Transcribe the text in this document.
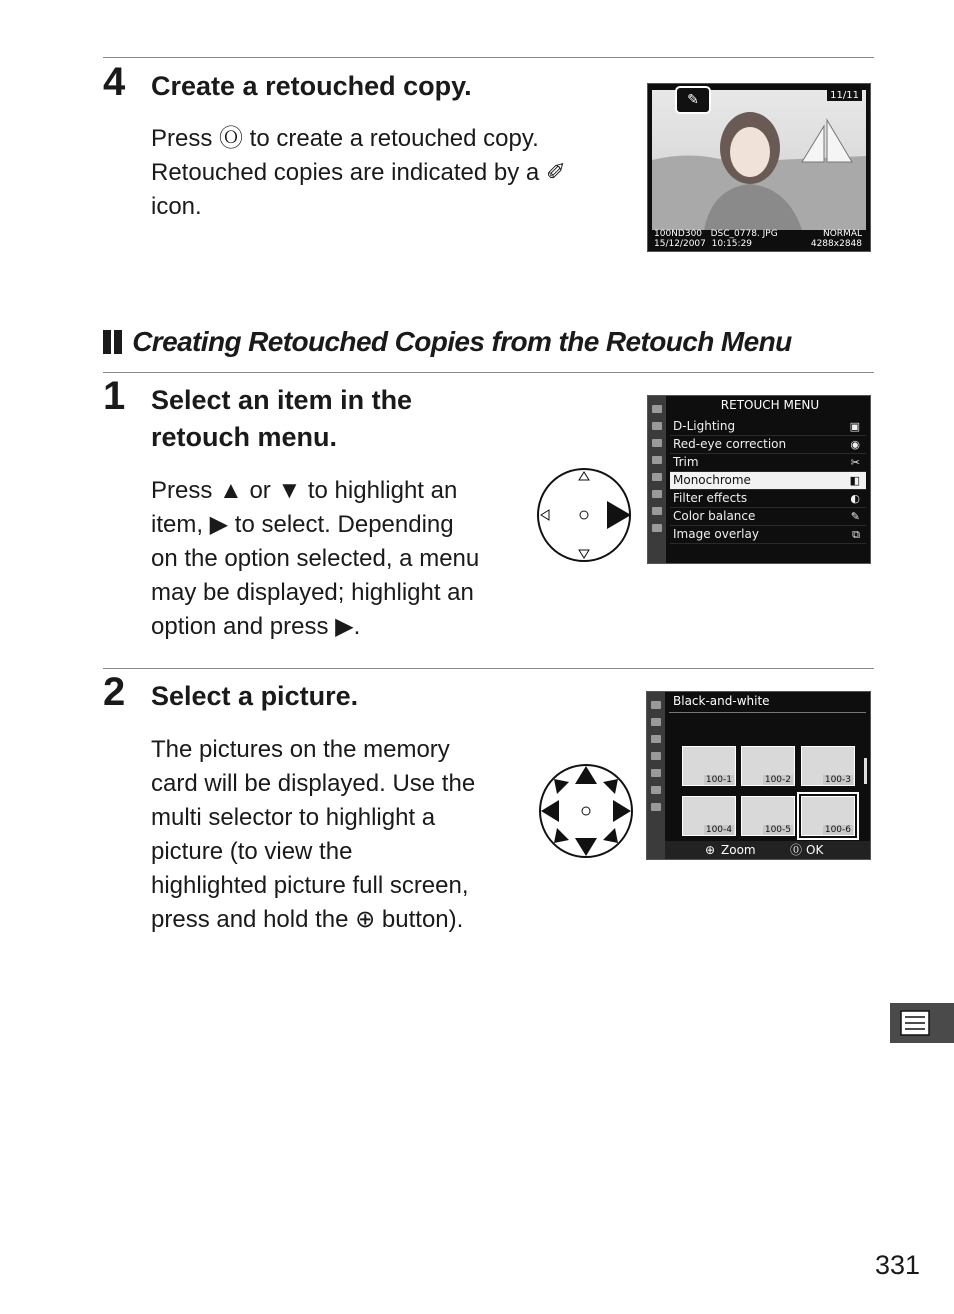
4 Create a retouched copy.

Press Ⓞ to create a retouched copy.
Retouched copies are indicated by a ✐
icon.

✎	11/11
100ND300   DSC_0778. JPG
15/12/2007  10:15:29
NORMAL
4288x2848
Creating Retouched Copies from the Retouch Menu
1 Select an item in the
retouch menu.

Press ▲ or ▼ to highlight an
item, ▶ to select. Depending
on the option selected, a menu
may be displayed; highlight an
option and press ▶.

RETOUCH MENU
D-Lighting	▣
Red-eye correction	◉
Trim	✂
Monochrome	◧
Filter effects	◐
Color balance	✎
Image overlay	⧉
2 Select a picture.

The pictures on the memory
card will be displayed. Use the
multi selector to highlight a
picture (to view the
highlighted picture full screen,
press and hold the ⊕ button).

Black-and-white
100-1	100-2	100-3
100-4	100-5	100-6
⊕ Zoom	⓪ OK
331
